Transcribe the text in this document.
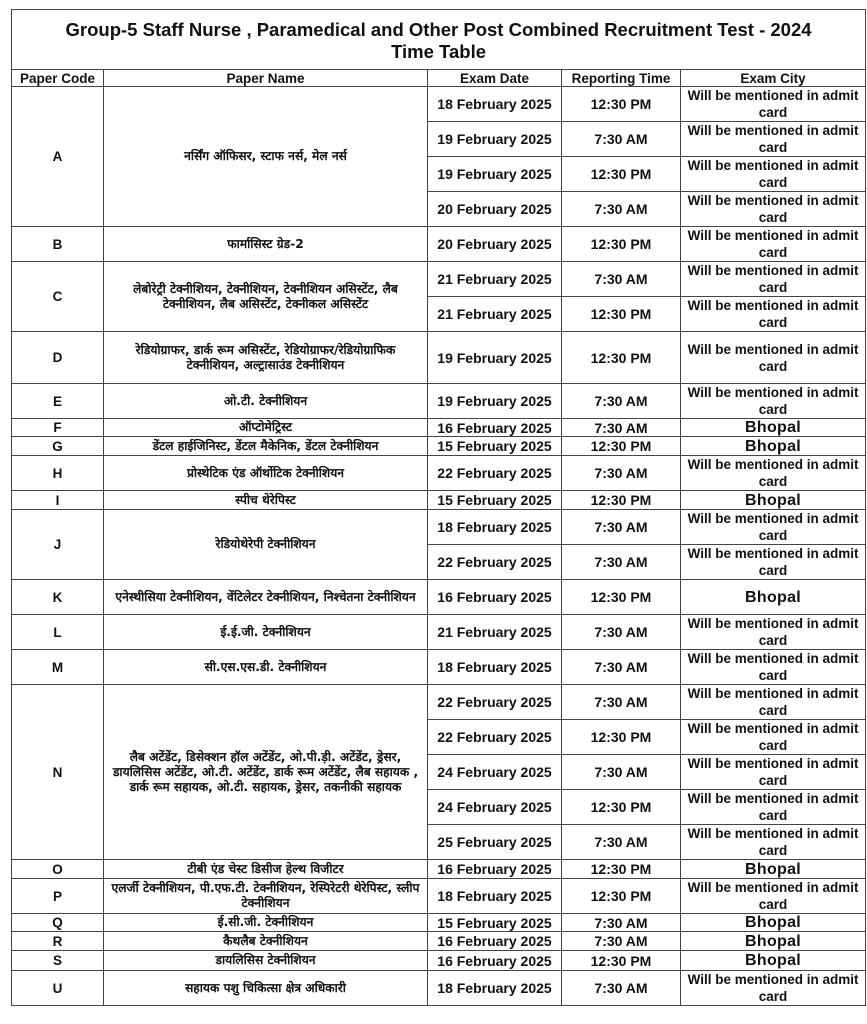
Group-5 Staff Nurse , Paramedical and Other Post Combined Recruitment Test - 2024
Time Table				

Paper Code	Paper Name	Exam Date	Reporting Time	Exam City
A	नर्सिंग ऑफिसर, स्टाफ नर्स, मेल नर्स	18 February 2025	12:30 PM	Will be mentioned in admit card
		19 February 2025	7:30 AM	Will be mentioned in admit card
		19 February 2025	12:30 PM	Will be mentioned in admit card
		20 February 2025	7:30 AM	Will be mentioned in admit card
B	फार्मासिस्ट ग्रेड-2	20 February 2025	12:30 PM	Will be mentioned in admit card
C	लेबोरेट्री टेक्नीशियन, टेक्नीशियन, टेक्नीशियन असिस्टेंट, लैब टेक्नीशियन, लैब असिस्टेंट, टेक्नीकल असिस्टेंट	21 February 2025	7:30 AM	Will be mentioned in admit card
		21 February 2025	12:30 PM	Will be mentioned in admit card
D	रेडियोग्राफर, डार्क रूम असिस्टेंट, रेडियोग्राफर/रेडियोग्राफिक टेक्नीशियन, अल्ट्रासाउंड टेक्नीशियन	19 February 2025	12:30 PM	Will be mentioned in admit card
E	ओ.टी. टेक्नीशियन	19 February 2025	7:30 AM	Will be mentioned in admit card
F	ऑप्टोमेट्रिस्ट	16 February 2025	7:30 AM	Bhopal
G	डेंटल हाईजिनिस्ट, डेंटल मैकेनिक, डेंटल टेक्नीशियन	15 February 2025	12:30 PM	Bhopal
H	प्रोस्थेटिक एंड ऑर्थोटिक टेक्नीशियन	22 February 2025	7:30 AM	Will be mentioned in admit card
I	स्पीच थेरेपिस्ट	15 February 2025	12:30 PM	Bhopal
J	रेडियोथेरेपी टेक्नीशियन	18 February 2025	7:30 AM	Will be mentioned in admit card
		22 February 2025	7:30 AM	Will be mentioned in admit card
K	एनेस्थीसिया टेक्नीशियन, वेंटिलेटर टेक्नीशियन, निश्चेतना टेक्नीशियन	16 February 2025	12:30 PM	Bhopal
L	ई.ई.जी. टेक्नीशियन	21 February 2025	7:30 AM	Will be mentioned in admit card
M	सी.एस.एस.डी. टेक्नीशियन	18 February 2025	7:30 AM	Will be mentioned in admit card
N	लैब अटेंडेंट, डिसेक्शन हॉल अटेंडेंट, ओ.पी.ड़ी. अटेंडेंट, ड्रेसर, डायलिसिस अटेंडेंट, ओ.टी. अटेंडेंट, डार्क रूम अटेंडेंट, लैब सहायक , डार्क रूम सहायक, ओ.टी. सहायक, ड्रेसर, तकनीकी सहायक	22 February 2025	7:30 AM	Will be mentioned in admit card
		22 February 2025	12:30 PM	Will be mentioned in admit card
		24 February 2025	7:30 AM	Will be mentioned in admit card
		24 February 2025	12:30 PM	Will be mentioned in admit card
		25 February 2025	7:30 AM	Will be mentioned in admit card
O	टीबी एंड चेस्ट डिसीज हेल्थ विजीटर	16 February 2025	12:30 PM	Bhopal
P	एलर्जी टेक्नीशियन, पी.एफ.टी. टेक्नीशियन, रेस्पिरेटरी थेरेपिस्ट, स्लीप टेक्नीशियन	18 February 2025	12:30 PM	Will be mentioned in admit card
Q	ई.सी.जी. टेक्नीशियन	15 February 2025	7:30 AM	Bhopal
R	कैथलैब टेक्नीशियन	16 February 2025	7:30 AM	Bhopal
S	डायलिसिस टेक्नीशियन	16 February 2025	12:30 PM	Bhopal
U	सहायक पशु चिकित्सा क्षेत्र अधिकारी	18 February 2025	7:30 AM	Will be mentioned in admit card
